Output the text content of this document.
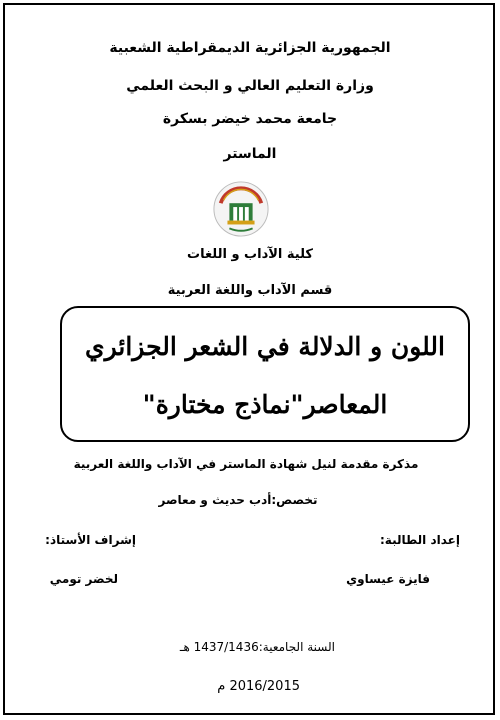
الجمهورية الجزائرية الديمقراطية الشعبية
وزارة التعليم العالي و البحث العلمي
جامعة محمد خيضر بسكرة
الماستر
كلية الآداب و اللغات
قسم الآداب واللغة العربية
اللون و الدلالة في الشعر الجزائري
المعاصر"نماذج مختارة"
مذكرة مقدمة لنيل شهادة الماستر في الآداب واللغة العربية
تخصص:أدب حديث و معاصر
إعداد الطالبة:
إشراف الأستاذ:
فايزة عيساوي
لخضر تومي
السنة الجامعية:1437/1436 هـ
2016/2015 م
